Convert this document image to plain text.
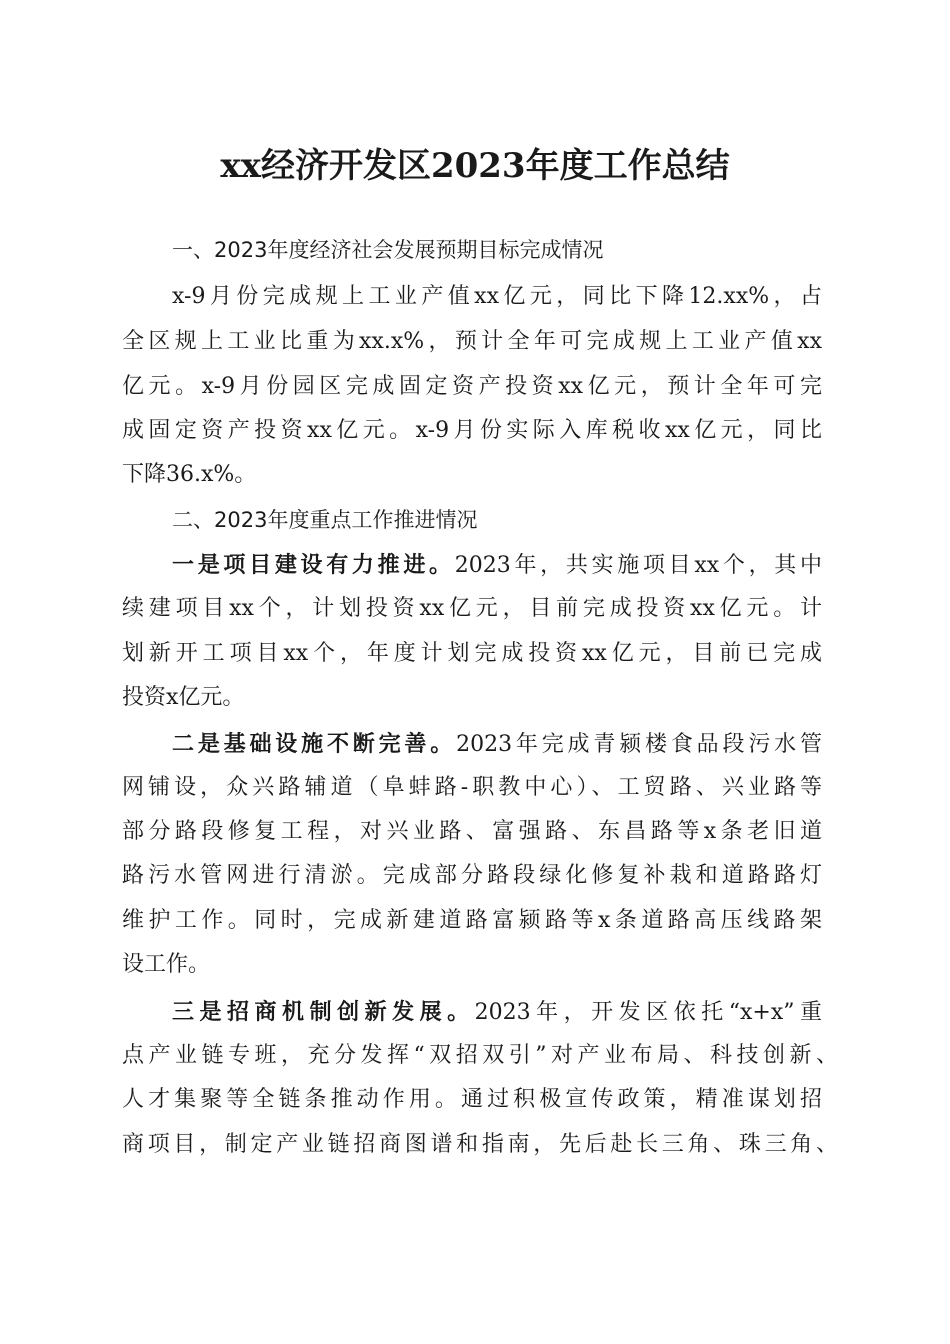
xx经济开发区2023年度工作总结
一、2023年度经济社会发展预期目标完成情况
x-9月份完成规上工业产值xx亿元，同比下降12.xx%，占
全区规上工业比重为xx.x%，预计全年可完成规上工业产值xx
亿元。x-9月份园区完成固定资产投资xx亿元，预计全年可完
成固定资产投资xx亿元。x-9月份实际入库税收xx亿元，同比
下降36.x%。
二、2023年度重点工作推进情况
一是项目建设有力推进。2023年，共实施项目xx个，其中
续建项目xx个，计划投资xx亿元，目前完成投资xx亿元。计
划新开工项目xx个，年度计划完成投资xx亿元，目前已完成
投资x亿元。
二是基础设施不断完善。2023年完成青颍楼食品段污水管
网铺设，众兴路辅道（阜蚌路-职教中心）、工贸路、兴业路等
部分路段修复工程，对兴业路、富强路、东昌路等x条老旧道
路污水管网进行清淤。完成部分路段绿化修复补栽和道路路灯
维护工作。同时，完成新建道路富颍路等x条道路高压线路架
设工作。
三是招商机制创新发展。2023年，开发区依托“x+x”重
点产业链专班，充分发挥“双招双引”对产业布局、科技创新、
人才集聚等全链条推动作用。通过积极宣传政策，精准谋划招
商项目，制定产业链招商图谱和指南，先后赴长三角、珠三角、
